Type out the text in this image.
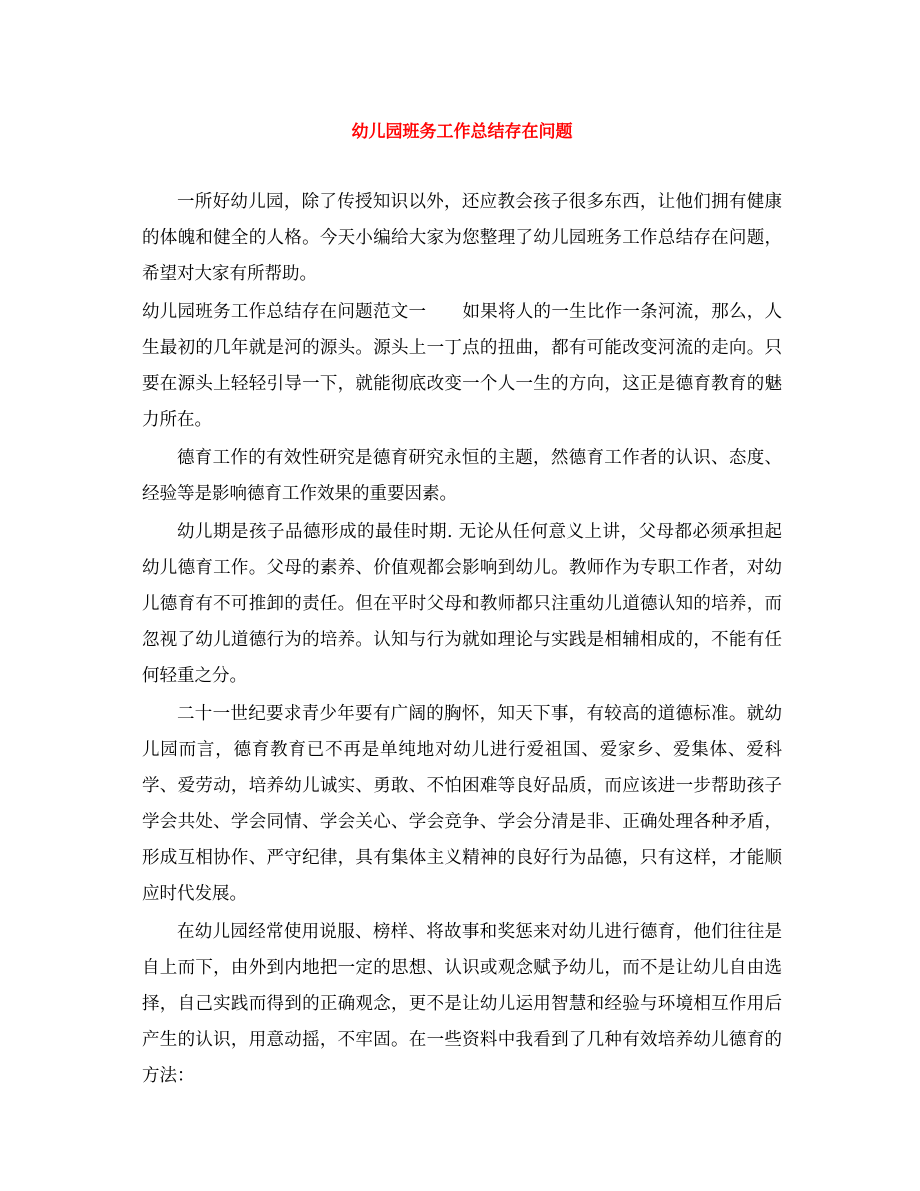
幼儿园班务工作总结存在问题

一所好幼儿园，除了传授知识以外，还应教会孩子很多东西，让他们拥有健康的体魄和健全的人格。今天小编给大家为您整理了幼儿园班务工作总结存在问题，希望对大家有所帮助。

幼儿园班务工作总结存在问题范文一 如果将人的一生比作一条河流，那么，人生最初的几年就是河的源头。源头上一丁点的扭曲，都有可能改变河流的走向。只要在源头上轻轻引导一下，就能彻底改变一个人一生的方向，这正是德育教育的魅力所在。

德育工作的有效性研究是德育研究永恒的主题，然德育工作者的认识、态度、经验等是影响德育工作效果的重要因素。

幼儿期是孩子品德形成的最佳时期. 无论从任何意义上讲，父母都必须承担起幼儿德育工作。父母的素养、价值观都会影响到幼儿。教师作为专职工作者，对幼儿德育有不可推卸的责任。但在平时父母和教师都只注重幼儿道德认知的培养，而忽视了幼儿道德行为的培养。认知与行为就如理论与实践是相辅相成的，不能有任何轻重之分。

二十一世纪要求青少年要有广阔的胸怀，知天下事，有较高的道德标准。就幼儿园而言，德育教育已不再是单纯地对幼儿进行爱祖国、爱家乡、爱集体、爱科学、爱劳动，培养幼儿诚实、勇敢、不怕困难等良好品质，而应该进一步帮助孩子学会共处、学会同情、学会关心、学会竞争、学会分清是非、正确处理各种矛盾，形成互相协作、严守纪律，具有集体主义精神的良好行为品德，只有这样，才能顺应时代发展。

在幼儿园经常使用说服、榜样、将故事和奖惩来对幼儿进行德育，他们往往是自上而下，由外到内地把一定的思想、认识或观念赋予幼儿，而不是让幼儿自由选择，自己实践而得到的正确观念，更不是让幼儿运用智慧和经验与环境相互作用后产生的认识，用意动摇，不牢固。在一些资料中我看到了几种有效培养幼儿德育的方法：
